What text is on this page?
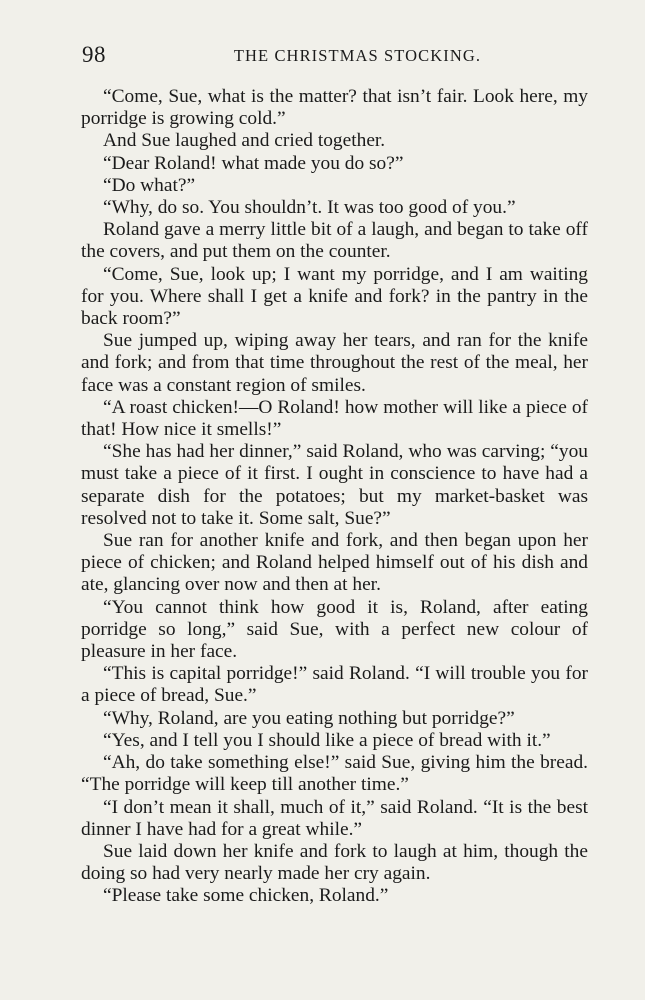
98	THE CHRISTMAS STOCKING.

“Come, Sue, what is the matter? that isn’t fair. Look here, my porridge is growing cold.”

And Sue laughed and cried together.

“Dear Roland! what made you do so?”

“Do what?”

“Why, do so. You shouldn’t. It was too good of you.”

Roland gave a merry little bit of a laugh, and began to take off the covers, and put them on the counter.

“Come, Sue, look up; I want my porridge, and I am waiting for you. Where shall I get a knife and fork? in the pantry in the back room?”

Sue jumped up, wiping away her tears, and ran for the knife and fork; and from that time throughout the rest of the meal, her face was a constant region of smiles.

“A roast chicken!—O Roland! how mother will like a piece of that! How nice it smells!”

“She has had her dinner,” said Roland, who was carving; “you must take a piece of it first. I ought in conscience to have had a separate dish for the potatoes; but my market-basket was resolved not to take it. Some salt, Sue?”

Sue ran for another knife and fork, and then began upon her piece of chicken; and Roland helped himself out of his dish and ate, glancing over now and then at her.

“You cannot think how good it is, Roland, after eating porridge so long,” said Sue, with a perfect new colour of pleasure in her face.

“This is capital porridge!” said Roland. “I will trouble you for a piece of bread, Sue.”

“Why, Roland, are you eating nothing but porridge?”

“Yes, and I tell you I should like a piece of bread with it.”

“Ah, do take something else!” said Sue, giving him the bread. “The porridge will keep till another time.”

“I don’t mean it shall, much of it,” said Roland. “It is the best dinner I have had for a great while.”

Sue laid down her knife and fork to laugh at him, though the doing so had very nearly made her cry again.

“Please take some chicken, Roland.”
